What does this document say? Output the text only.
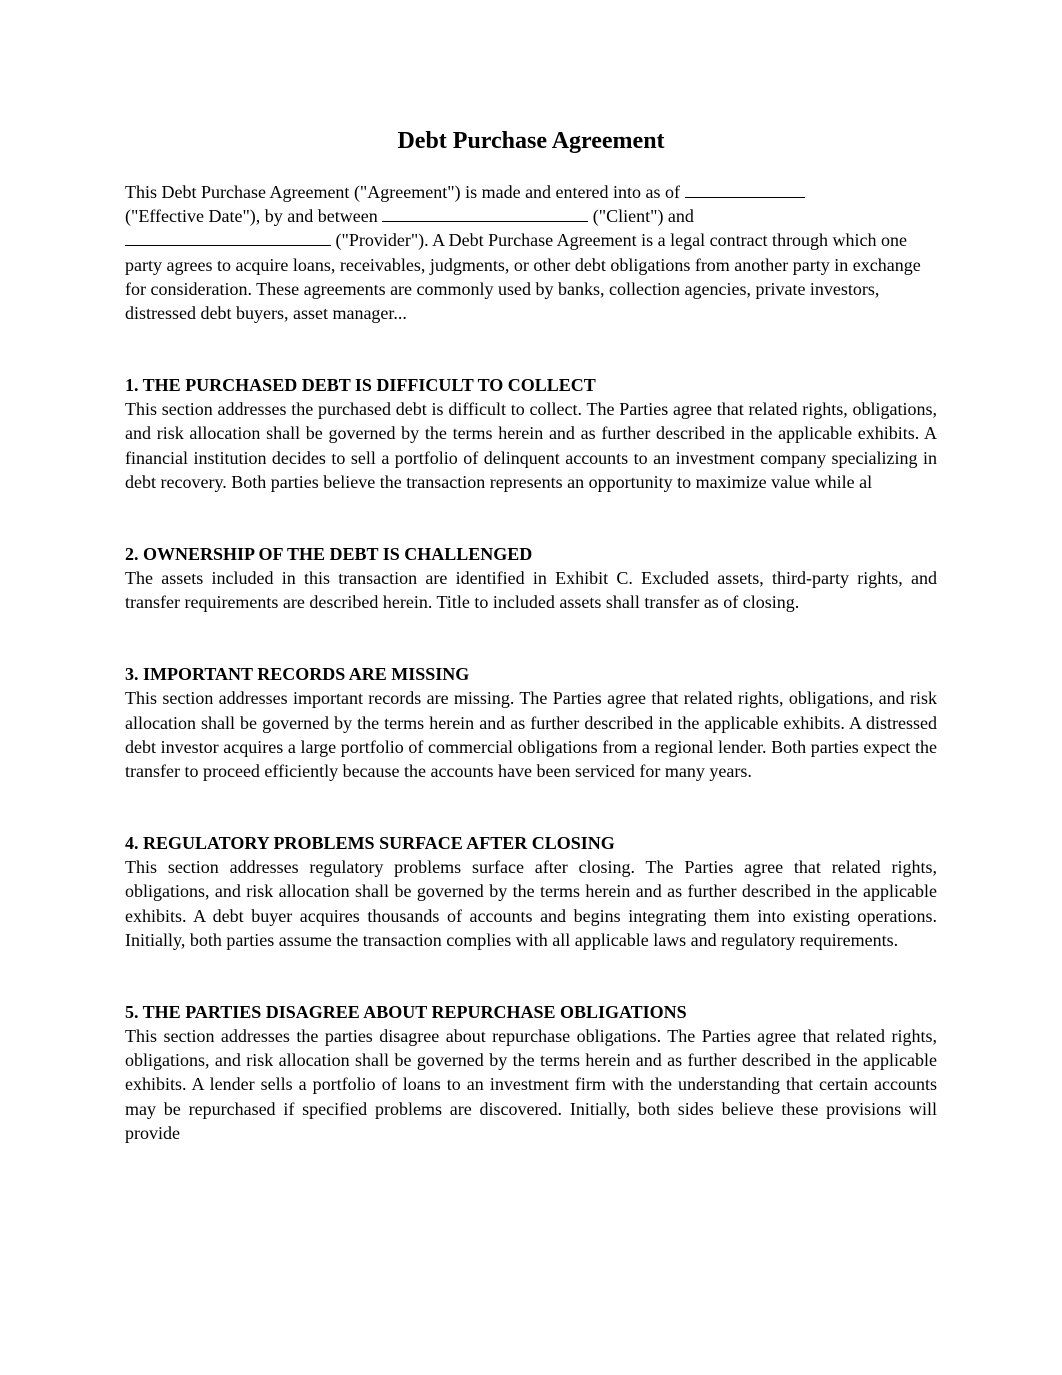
Debt Purchase Agreement

This Debt Purchase Agreement ("Agreement") is made and entered into as of
("Effective Date"), by and between	("Client") and
("Provider"). A Debt Purchase Agreement is a legal contract through which one party agrees to acquire loans, receivables, judgments, or other debt obligations from another party in exchange for consideration. These agreements are commonly used by banks, collection agencies, private investors, distressed debt buyers, asset manager...

1. THE PURCHASED DEBT IS DIFFICULT TO COLLECT

This section addresses the purchased debt is difficult to collect. The Parties agree that related rights, obligations, and risk allocation shall be governed by the terms herein and as further described in the applicable exhibits. A financial institution decides to sell a portfolio of delinquent accounts to an investment company specializing in debt recovery. Both parties believe the transaction represents an opportunity to maximize value while al

2. OWNERSHIP OF THE DEBT IS CHALLENGED

The assets included in this transaction are identified in Exhibit C. Excluded assets, third-party rights, and transfer requirements are described herein. Title to included assets shall transfer as of closing.

3. IMPORTANT RECORDS ARE MISSING

This section addresses important records are missing. The Parties agree that related rights, obligations, and risk allocation shall be governed by the terms herein and as further described in the applicable exhibits. A distressed debt investor acquires a large portfolio of commercial obligations from a regional lender. Both parties expect the transfer to proceed efficiently because the accounts have been serviced for many years.

4. REGULATORY PROBLEMS SURFACE AFTER CLOSING

This section addresses regulatory problems surface after closing. The Parties agree that related rights, obligations, and risk allocation shall be governed by the terms herein and as further described in the applicable exhibits. A debt buyer acquires thousands of accounts and begins integrating them into existing operations. Initially, both parties assume the transaction complies with all applicable laws and regulatory requirements.

5. THE PARTIES DISAGREE ABOUT REPURCHASE OBLIGATIONS

This section addresses the parties disagree about repurchase obligations. The Parties agree that related rights, obligations, and risk allocation shall be governed by the terms herein and as further described in the applicable exhibits. A lender sells a portfolio of loans to an investment firm with the understanding that certain accounts may be repurchased if specified problems are discovered. Initially, both sides believe these provisions will provide
